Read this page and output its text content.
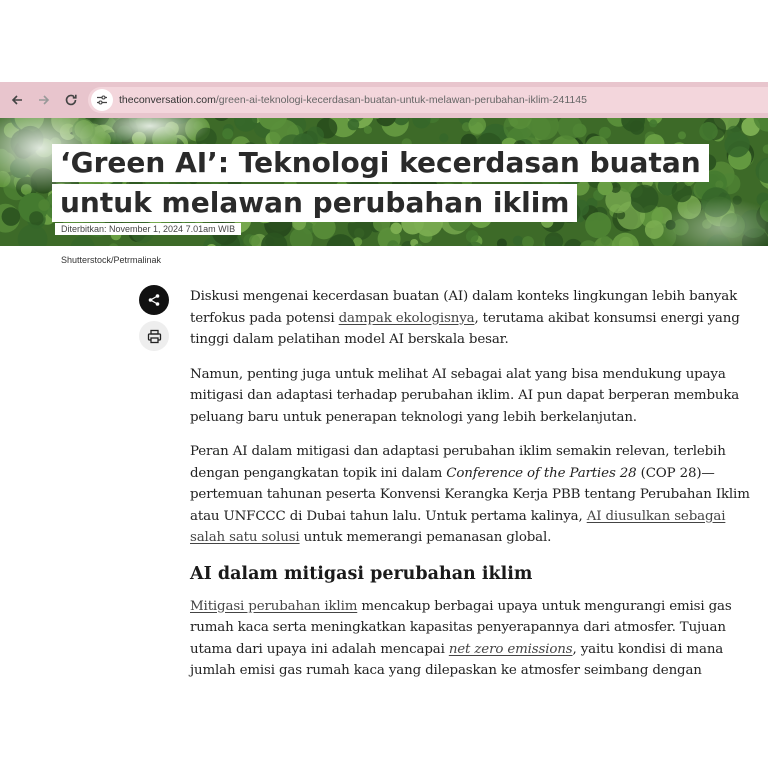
theconversation.com/green-ai-teknologi-kecerdasan-buatan-untuk-melawan-perubahan-iklim-241145
‘Green AI’: Teknologi kecerdasan buatan
untuk melawan perubahan iklim
Diterbitkan: November 1, 2024 7.01am WIB
Shutterstock/Petrmalinak

Diskusi mengenai kecerdasan buatan (AI) dalam konteks lingkungan lebih banyak terfokus pada potensi dampak ekologisnya, terutama akibat konsumsi energi yang tinggi dalam pelatihan model AI berskala besar.

Namun, penting juga untuk melihat AI sebagai alat yang bisa mendukung upaya mitigasi dan adaptasi terhadap perubahan iklim. AI pun dapat berperan membuka peluang baru untuk penerapan teknologi yang lebih berkelanjutan.

Peran AI dalam mitigasi dan adaptasi perubahan iklim semakin relevan, terlebih dengan pengangkatan topik ini dalam Conference of the Parties 28 (COP 28)—pertemuan tahunan peserta Konvensi Kerangka Kerja PBB tentang Perubahan Iklim atau UNFCCC di Dubai tahun lalu. Untuk pertama kalinya, AI diusulkan sebagai salah satu solusi untuk memerangi pemanasan global.

AI dalam mitigasi perubahan iklim

Mitigasi perubahan iklim mencakup berbagai upaya untuk mengurangi emisi gas rumah kaca serta meningkatkan kapasitas penyerapannya dari atmosfer. Tujuan utama dari upaya ini adalah mencapai net zero emissions, yaitu kondisi di mana jumlah emisi gas rumah kaca yang dilepaskan ke atmosfer seimbang dengan
